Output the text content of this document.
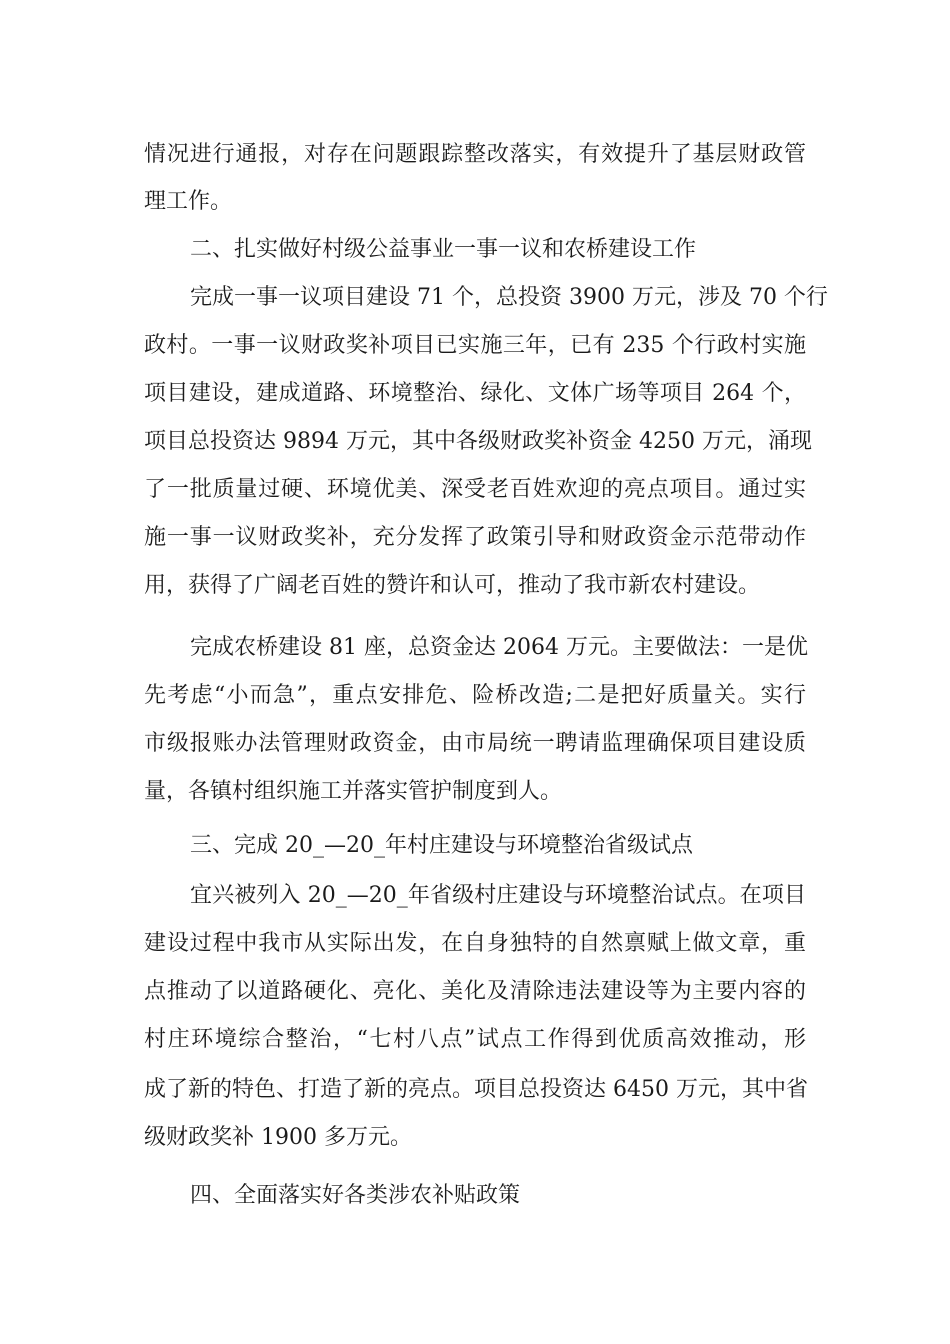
情况进行通报，对存在问题跟踪整改落实，有效提升了基层财政管
理工作。
二、扎实做好村级公益事业一事一议和农桥建设工作
完成一事一议项目建设 71 个，总投资 3900 万元，涉及 70 个行
政村。一事一议财政奖补项目已实施三年，已有 235 个行政村实施
项目建设，建成道路、环境整治、绿化、文体广场等项目 264 个，
项目总投资达 9894 万元，其中各级财政奖补资金 4250 万元，涌现
了一批质量过硬、环境优美、深受老百姓欢迎的亮点项目。通过实
施一事一议财政奖补，充分发挥了政策引导和财政资金示范带动作
用，获得了广阔老百姓的赞许和认可，推动了我市新农村建设。
完成农桥建设 81 座，总资金达 2064 万元。主要做法：一是优
先考虑“小而急”，重点安排危、险桥改造;二是把好质量关。实行
市级报账办法管理财政资金，由市局统一聘请监理确保项目建设质
量，各镇村组织施工并落实管护制度到人。
三、完成 20_—20_年村庄建设与环境整治省级试点
宜兴被列入 20_—20_年省级村庄建设与环境整治试点。在项目
建设过程中我市从实际出发，在自身独特的自然禀赋上做文章，重
点推动了以道路硬化、亮化、美化及清除违法建设等为主要内容的
村庄环境综合整治，“七村八点”试点工作得到优质高效推动，形
成了新的特色、打造了新的亮点。项目总投资达 6450 万元，其中省
级财政奖补 1900 多万元。
四、全面落实好各类涉农补贴政策
